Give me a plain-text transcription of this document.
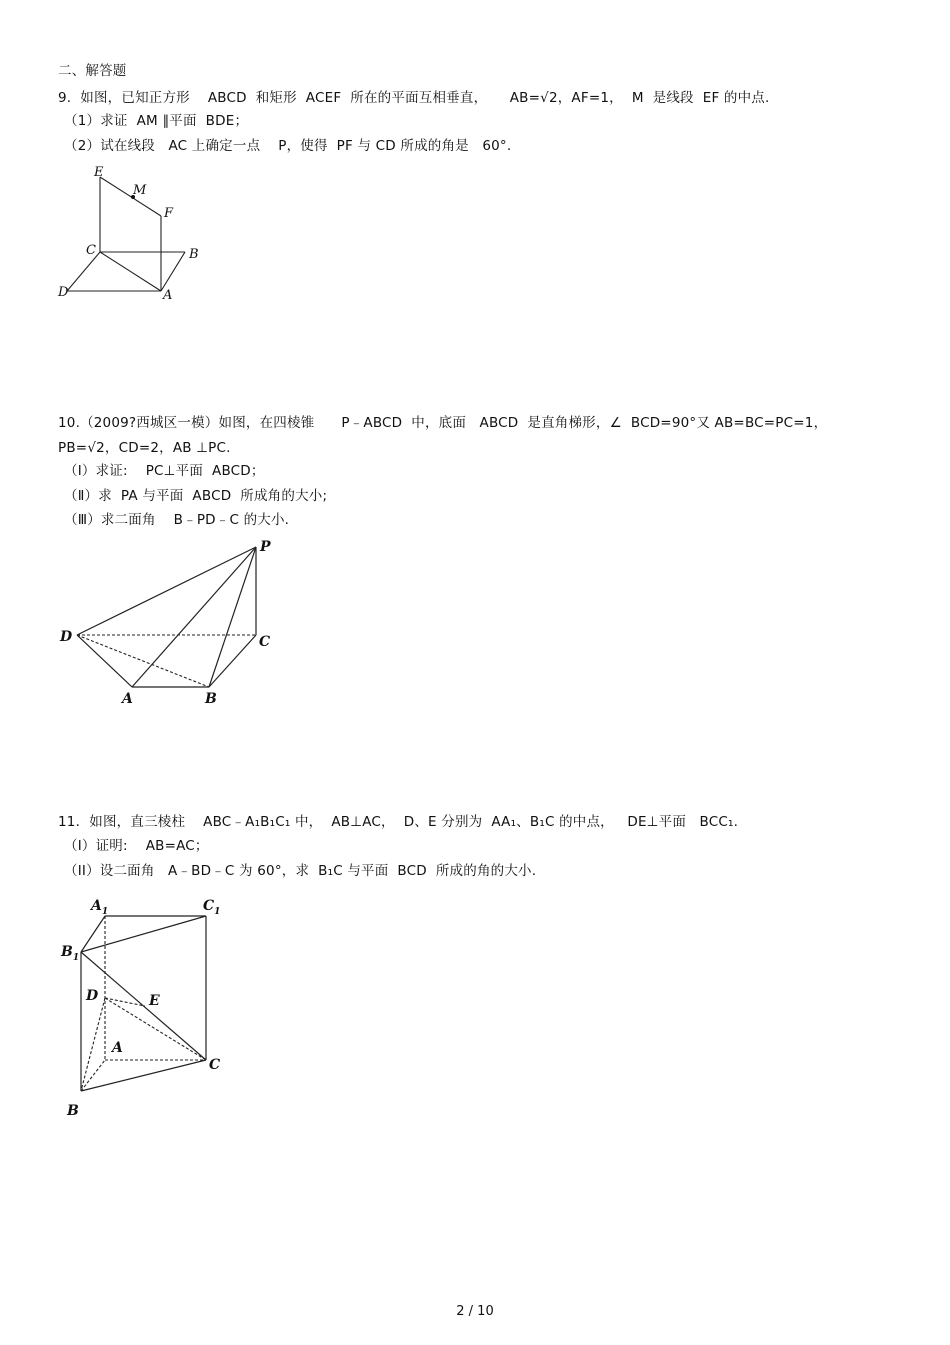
二、解答题
9.  如图，已知正方形    ABCD  和矩形  ACEF  所在的平面互相垂直，     AB=√2，AF=1，  M  是线段  EF 的中点.
（1）求证  AM ∥平面  BDE；
（2）试在线段   AC 上确定一点    P，使得  PF 与 CD 所成的角是   60°.
E
M
F
C	B
D	A
10.（2009?西城区一模）如图，在四棱锥      P﹣ABCD  中，底面   ABCD  是直角梯形，∠  BCD=90°又 AB=BC=PC=1，
PB=√2，CD=2，AB ⊥PC.
（Ⅰ）求证:    PC⊥平面  ABCD；
（Ⅱ）求  PA 与平面  ABCD  所成角的大小;
（Ⅲ）求二面角    B﹣PD﹣C 的大小.
P
D	C
A	B
11．如图，直三棱柱    ABC﹣A₁B₁C₁ 中，  AB⊥AC，  D、E 分别为  AA₁、B₁C 的中点，   DE⊥平面   BCC₁.
（I）证明:    AB=AC；
（II）设二面角   A﹣BD﹣C 为 60°，求  B₁C 与平面  BCD  所成的角的大小.
$A_1$	$C_1$
$B_1$
D	E
A
C
B
2 / 10
